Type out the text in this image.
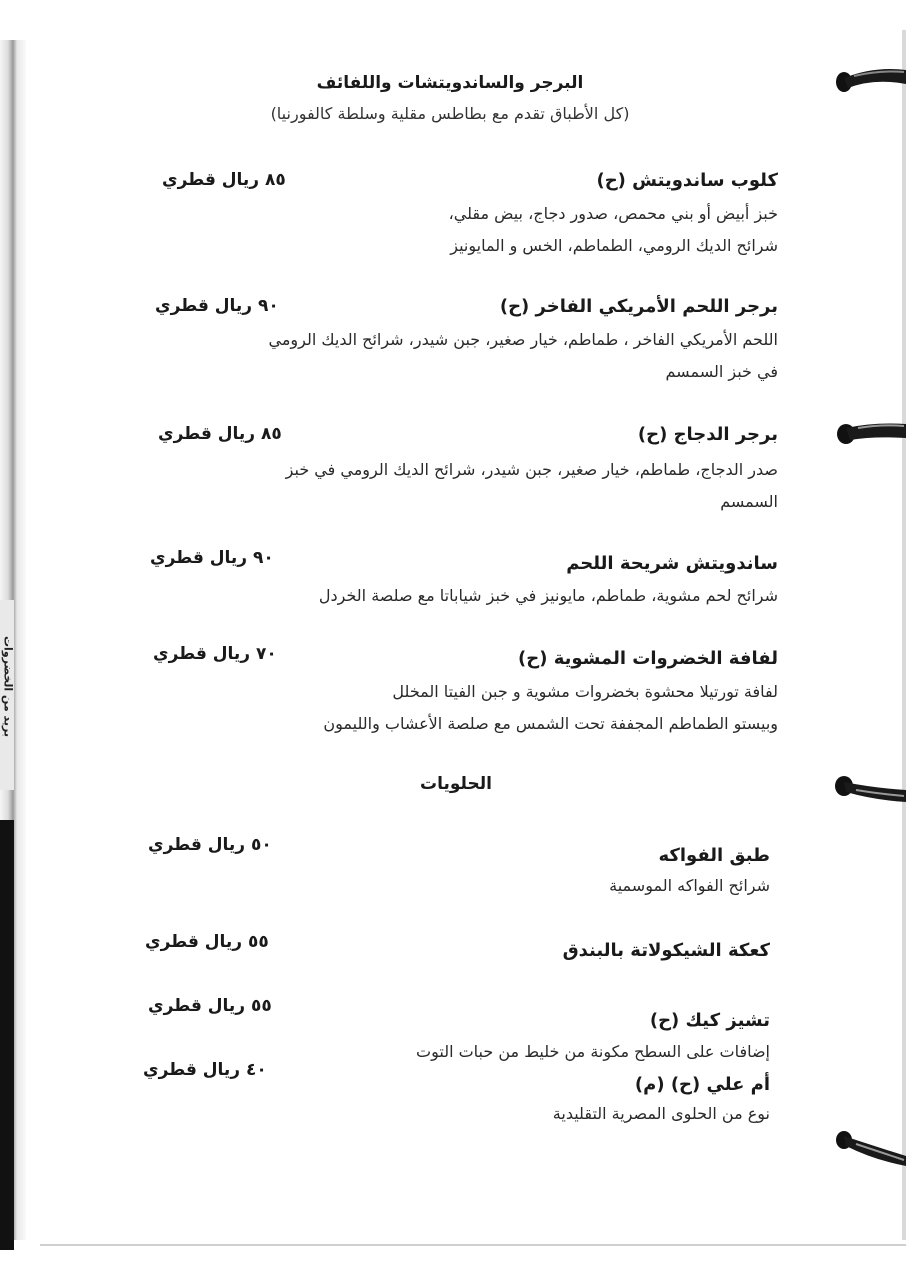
بريد من الخضروات
البرجر والساندويتشات واللفائف
(كل الأطباق تقدم مع بطاطس مقلية وسلطة كالفورنيا)
كلوب ساندويتش (ح)
٨٥ ريال قطري
خبز أبيض أو بني محمص، صدور دجاج، بيض مقلي،
شرائح الديك الرومي، الطماطم، الخس و المايونيز
برجر اللحم الأمريكي الفاخر (ح)
٩٠ ريال قطري
اللحم الأمريكي الفاخر ، طماطم، خيار صغير، جبن شيدر، شرائح الديك الرومي
في خبز السمسم
برجر الدجاج (ح)
٨٥ ريال قطري
صدر الدجاج، طماطم، خيار صغير، جبن شيدر، شرائح الديك الرومي في خبز
السمسم
ساندويتش شريحة اللحم
٩٠ ريال قطري
شرائح لحم مشوية، طماطم، مايونيز في خبز شياباتا مع صلصة الخردل
لفافة الخضروات المشوية (ح)
٧٠ ريال قطري
لفافة تورتيلا محشوة بخضروات مشوية و جبن الفيتا المخلل
وبيستو الطماطم المجففة تحت الشمس مع صلصة الأعشاب والليمون
الحلويات
طبق الفواكه
٥٠ ريال قطري
شرائح الفواكه الموسمية
كعكة الشيكولاتة بالبندق
٥٥ ريال قطري
تشيز كيك (ح)
٥٥ ريال قطري
إضافات على السطح مكونة من خليط من حبات التوت
أم علي (ح) (م)
٤٠ ريال قطري
نوع من الحلوى المصرية التقليدية
